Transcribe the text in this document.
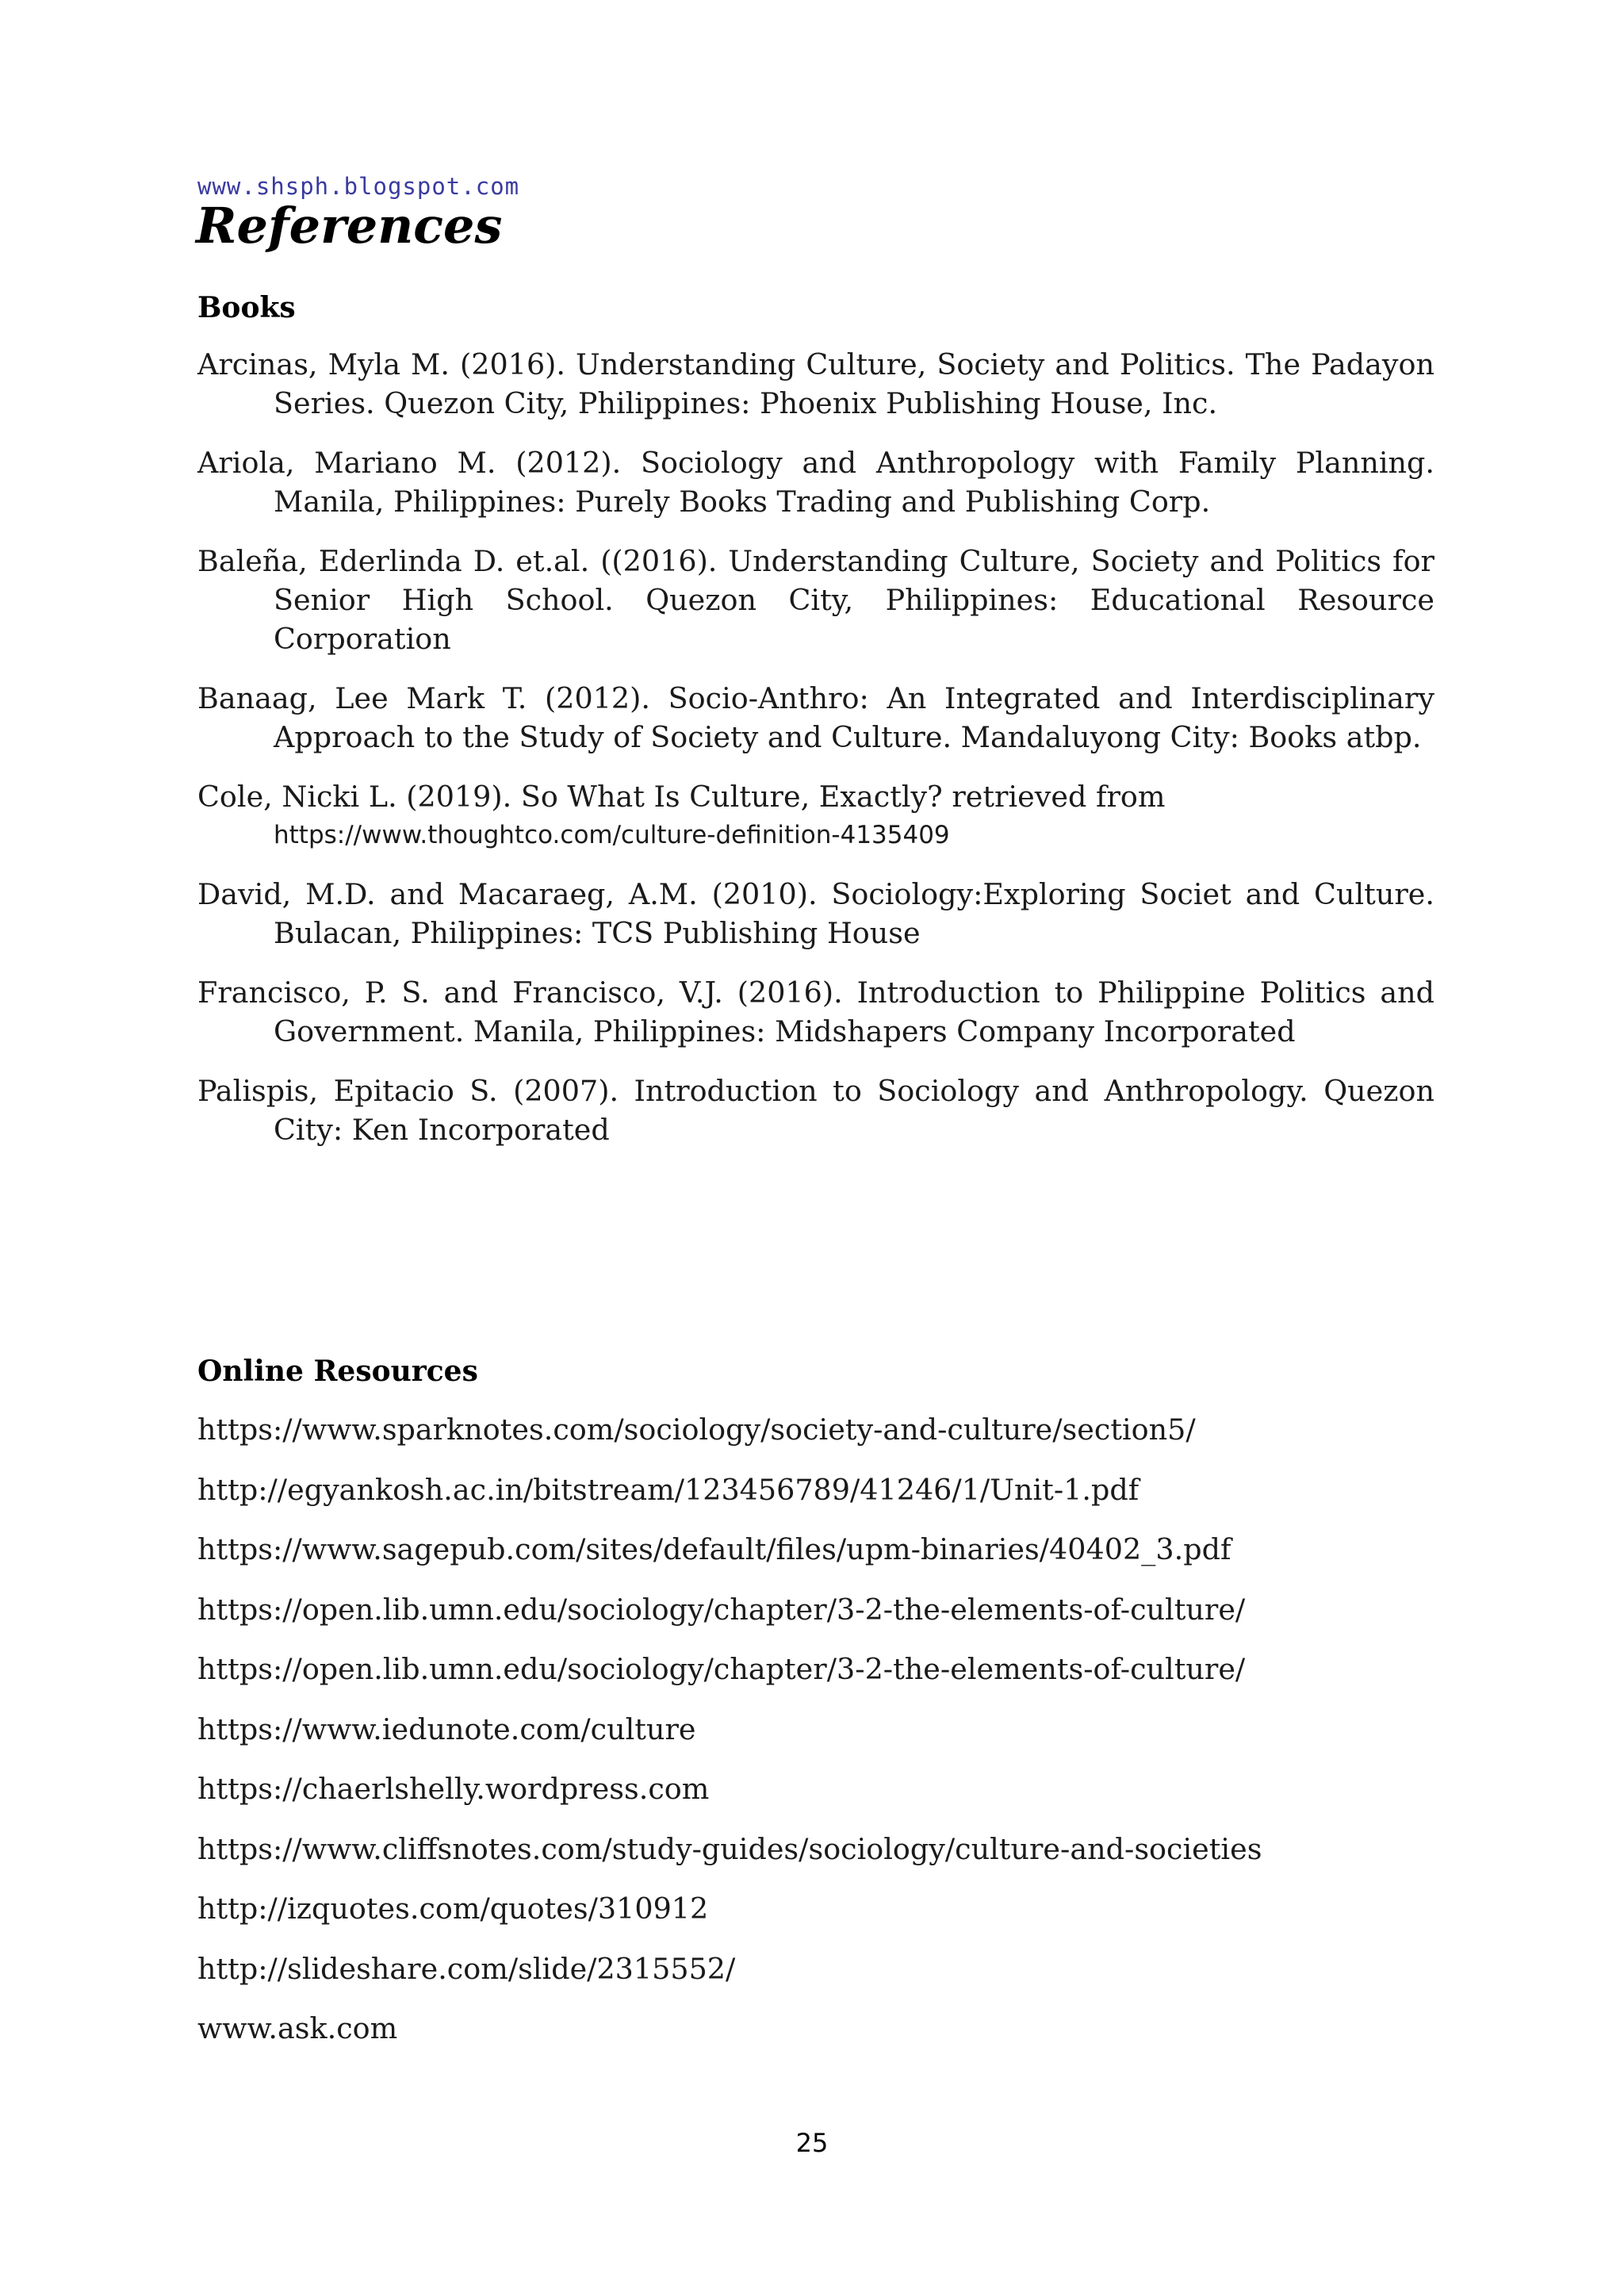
www.shsph.blogspot.com
References
Books
Arcinas, Myla M. (2016). Understanding Culture, Society and Politics. The Padayon Series. Quezon City, Philippines: Phoenix Publishing House, Inc.
Ariola, Mariano M. (2012). Sociology and Anthropology with Family Planning. Manila, Philippines: Purely Books Trading and Publishing Corp.
Baleña, Ederlinda D. et.al. ((2016). Understanding Culture, Society and Politics for Senior High School. Quezon City, Philippines: Educational Resource Corporation
Banaag, Lee Mark T. (2012). Socio-Anthro: An Integrated and Interdisciplinary Approach to the Study of Society and Culture. Mandaluyong City: Books atbp.
Cole, Nicki L. (2019). So What Is Culture, Exactly? retrieved from
https://www.thoughtco.com/culture-definition-4135409
David, M.D. and Macaraeg, A.M. (2010). Sociology:Exploring Societ and Culture. Bulacan, Philippines: TCS Publishing House
Francisco, P. S. and Francisco, V.J. (2016). Introduction to Philippine Politics and Government. Manila, Philippines: Midshapers Company Incorporated
Palispis, Epitacio S. (2007). Introduction to Sociology and Anthropology. Quezon City: Ken Incorporated
Online Resources
https://www.sparknotes.com/sociology/society-and-culture/section5/
http://egyankosh.ac.in/bitstream/123456789/41246/1/Unit-1.pdf
https://www.sagepub.com/sites/default/files/upm-binaries/40402_3.pdf
https://open.lib.umn.edu/sociology/chapter/3-2-the-elements-of-culture/
https://open.lib.umn.edu/sociology/chapter/3-2-the-elements-of-culture/
https://www.iedunote.com/culture
https://chaerlshelly.wordpress.com
https://www.cliffsnotes.com/study-guides/sociology/culture-and-societies
http://izquotes.com/quotes/310912
http://slideshare.com/slide/2315552/
www.ask.com
25
